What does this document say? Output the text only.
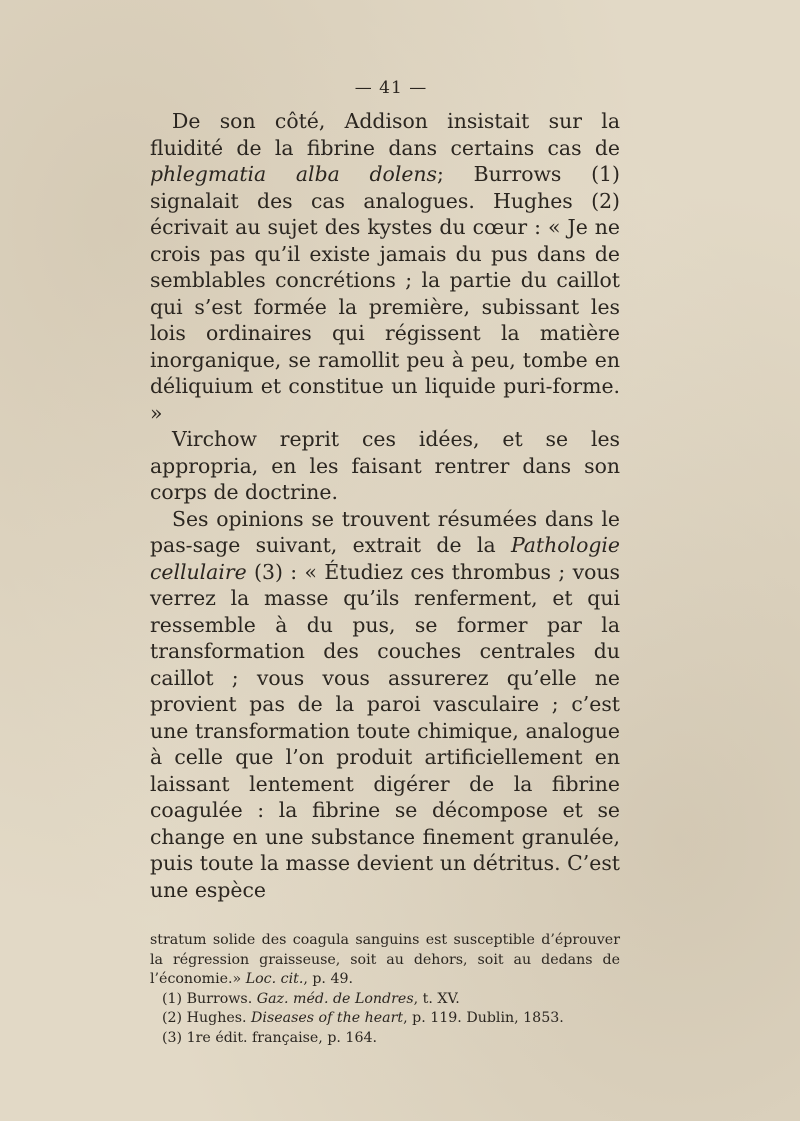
— 41 —

De son côté, Addison insistait sur la fluidité de la fibrine dans certains cas de phlegmatia alba dolens; Burrows (1) signalait des cas analogues. Hughes (2) écrivait au sujet des kystes du cœur : « Je ne crois pas qu’il existe jamais du pus dans de semblables concrétions ; la partie du caillot qui s’est formée la première, subissant les lois ordinaires qui régissent la matière inorganique, se ramollit peu à peu, tombe en déliquium et constitue un liquide puri-forme. »

Virchow reprit ces idées, et se les appropria, en les faisant rentrer dans son corps de doctrine.

Ses opinions se trouvent résumées dans le pas-sage suivant, extrait de la Pathologie cellulaire (3) : « Étudiez ces thrombus ; vous verrez la masse qu’ils renferment, et qui ressemble à du pus, se former par la transformation des couches centrales du caillot ; vous vous assurerez qu’elle ne provient pas de la paroi vasculaire ; c’est une transformation toute chimique, analogue à celle que l’on produit artificiellement en laissant lentement digérer de la fibrine coagulée : la fibrine se décompose et se change en une substance finement granulée, puis toute la masse devient un détritus. C’est une espèce

stratum solide des coagula sanguins est susceptible d’éprouver la régression graisseuse, soit au dehors, soit au dedans de l’économie.» Loc. cit., p. 49.

(1) Burrows. Gaz. méd. de Londres, t. XV.

(2) Hughes. Diseases of the heart, p. 119. Dublin, 1853.

(3) 1re édit. française, p. 164.
